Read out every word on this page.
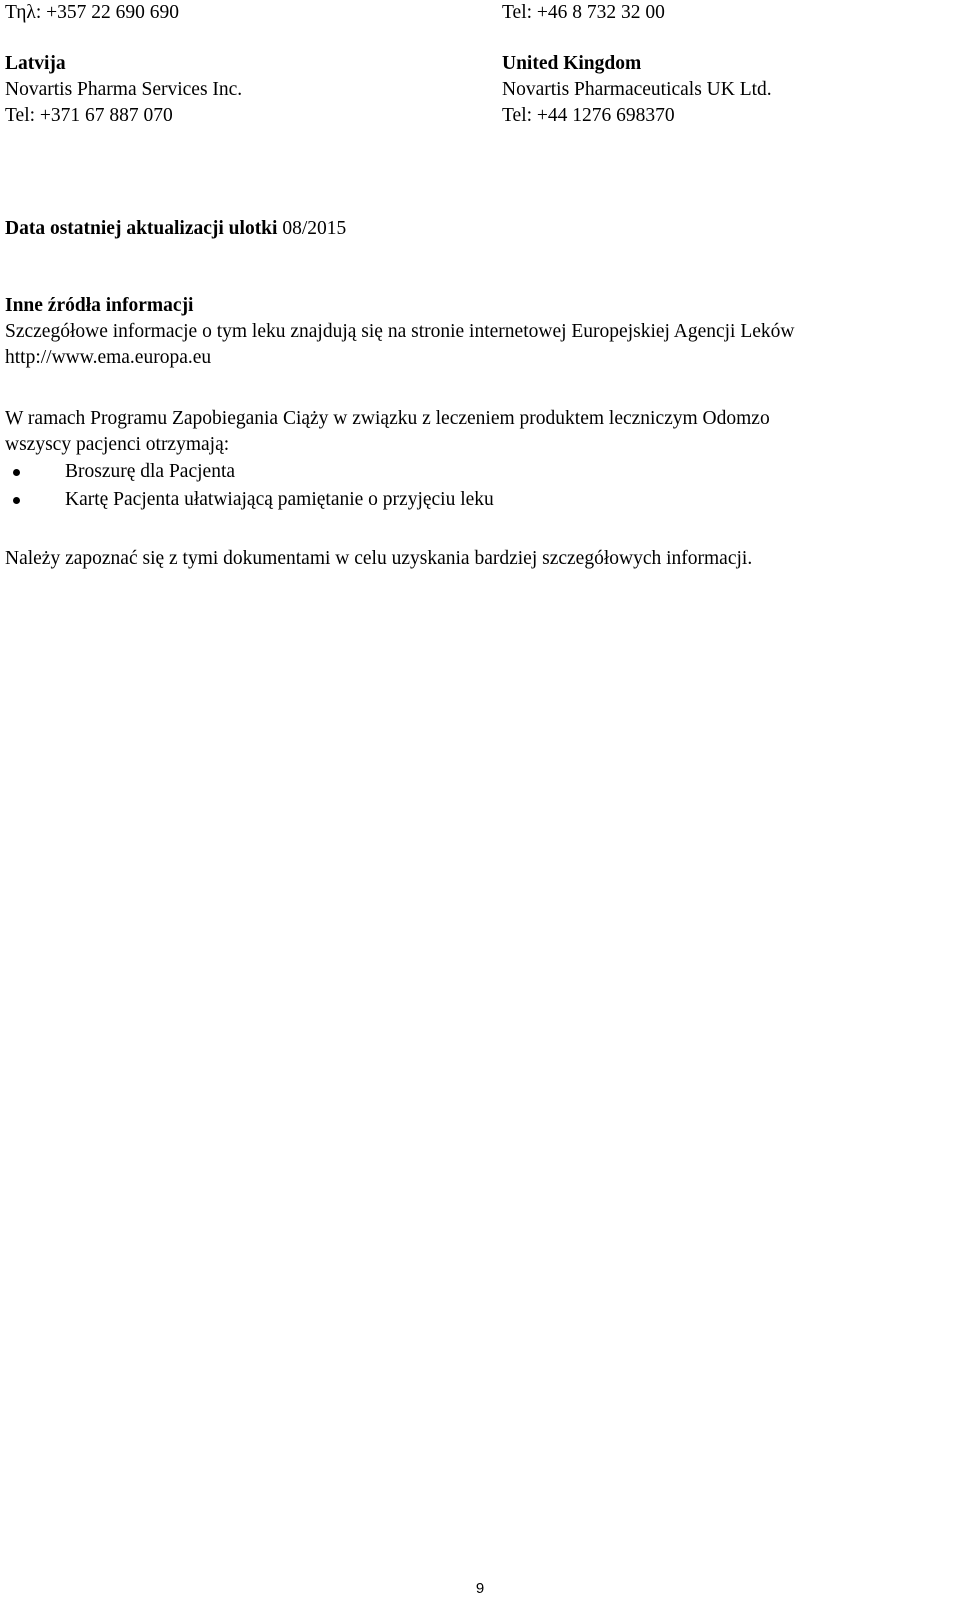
Τηλ: +357 22 690 690
Latvija
Novartis Pharma Services Inc.
Tel: +371 67 887 070
Tel: +46 8 732 32 00
United Kingdom
Novartis Pharmaceuticals UK Ltd.
Tel: +44 1276 698370
Data ostatniej aktualizacji ulotki 08/2015
Inne źródła informacji
Szczegółowe informacje o tym leku znajdują się na stronie internetowej Europejskiej Agencji Leków
http://www.ema.europa.eu
W ramach Programu Zapobiegania Ciąży w związku z leczeniem produktem leczniczym Odomzo
wszyscy pacjenci otrzymają:
Broszurę dla Pacjenta
Kartę Pacjenta ułatwiającą pamiętanie o przyjęciu leku
Należy zapoznać się z tymi dokumentami w celu uzyskania bardziej szczegółowych informacji.
9
